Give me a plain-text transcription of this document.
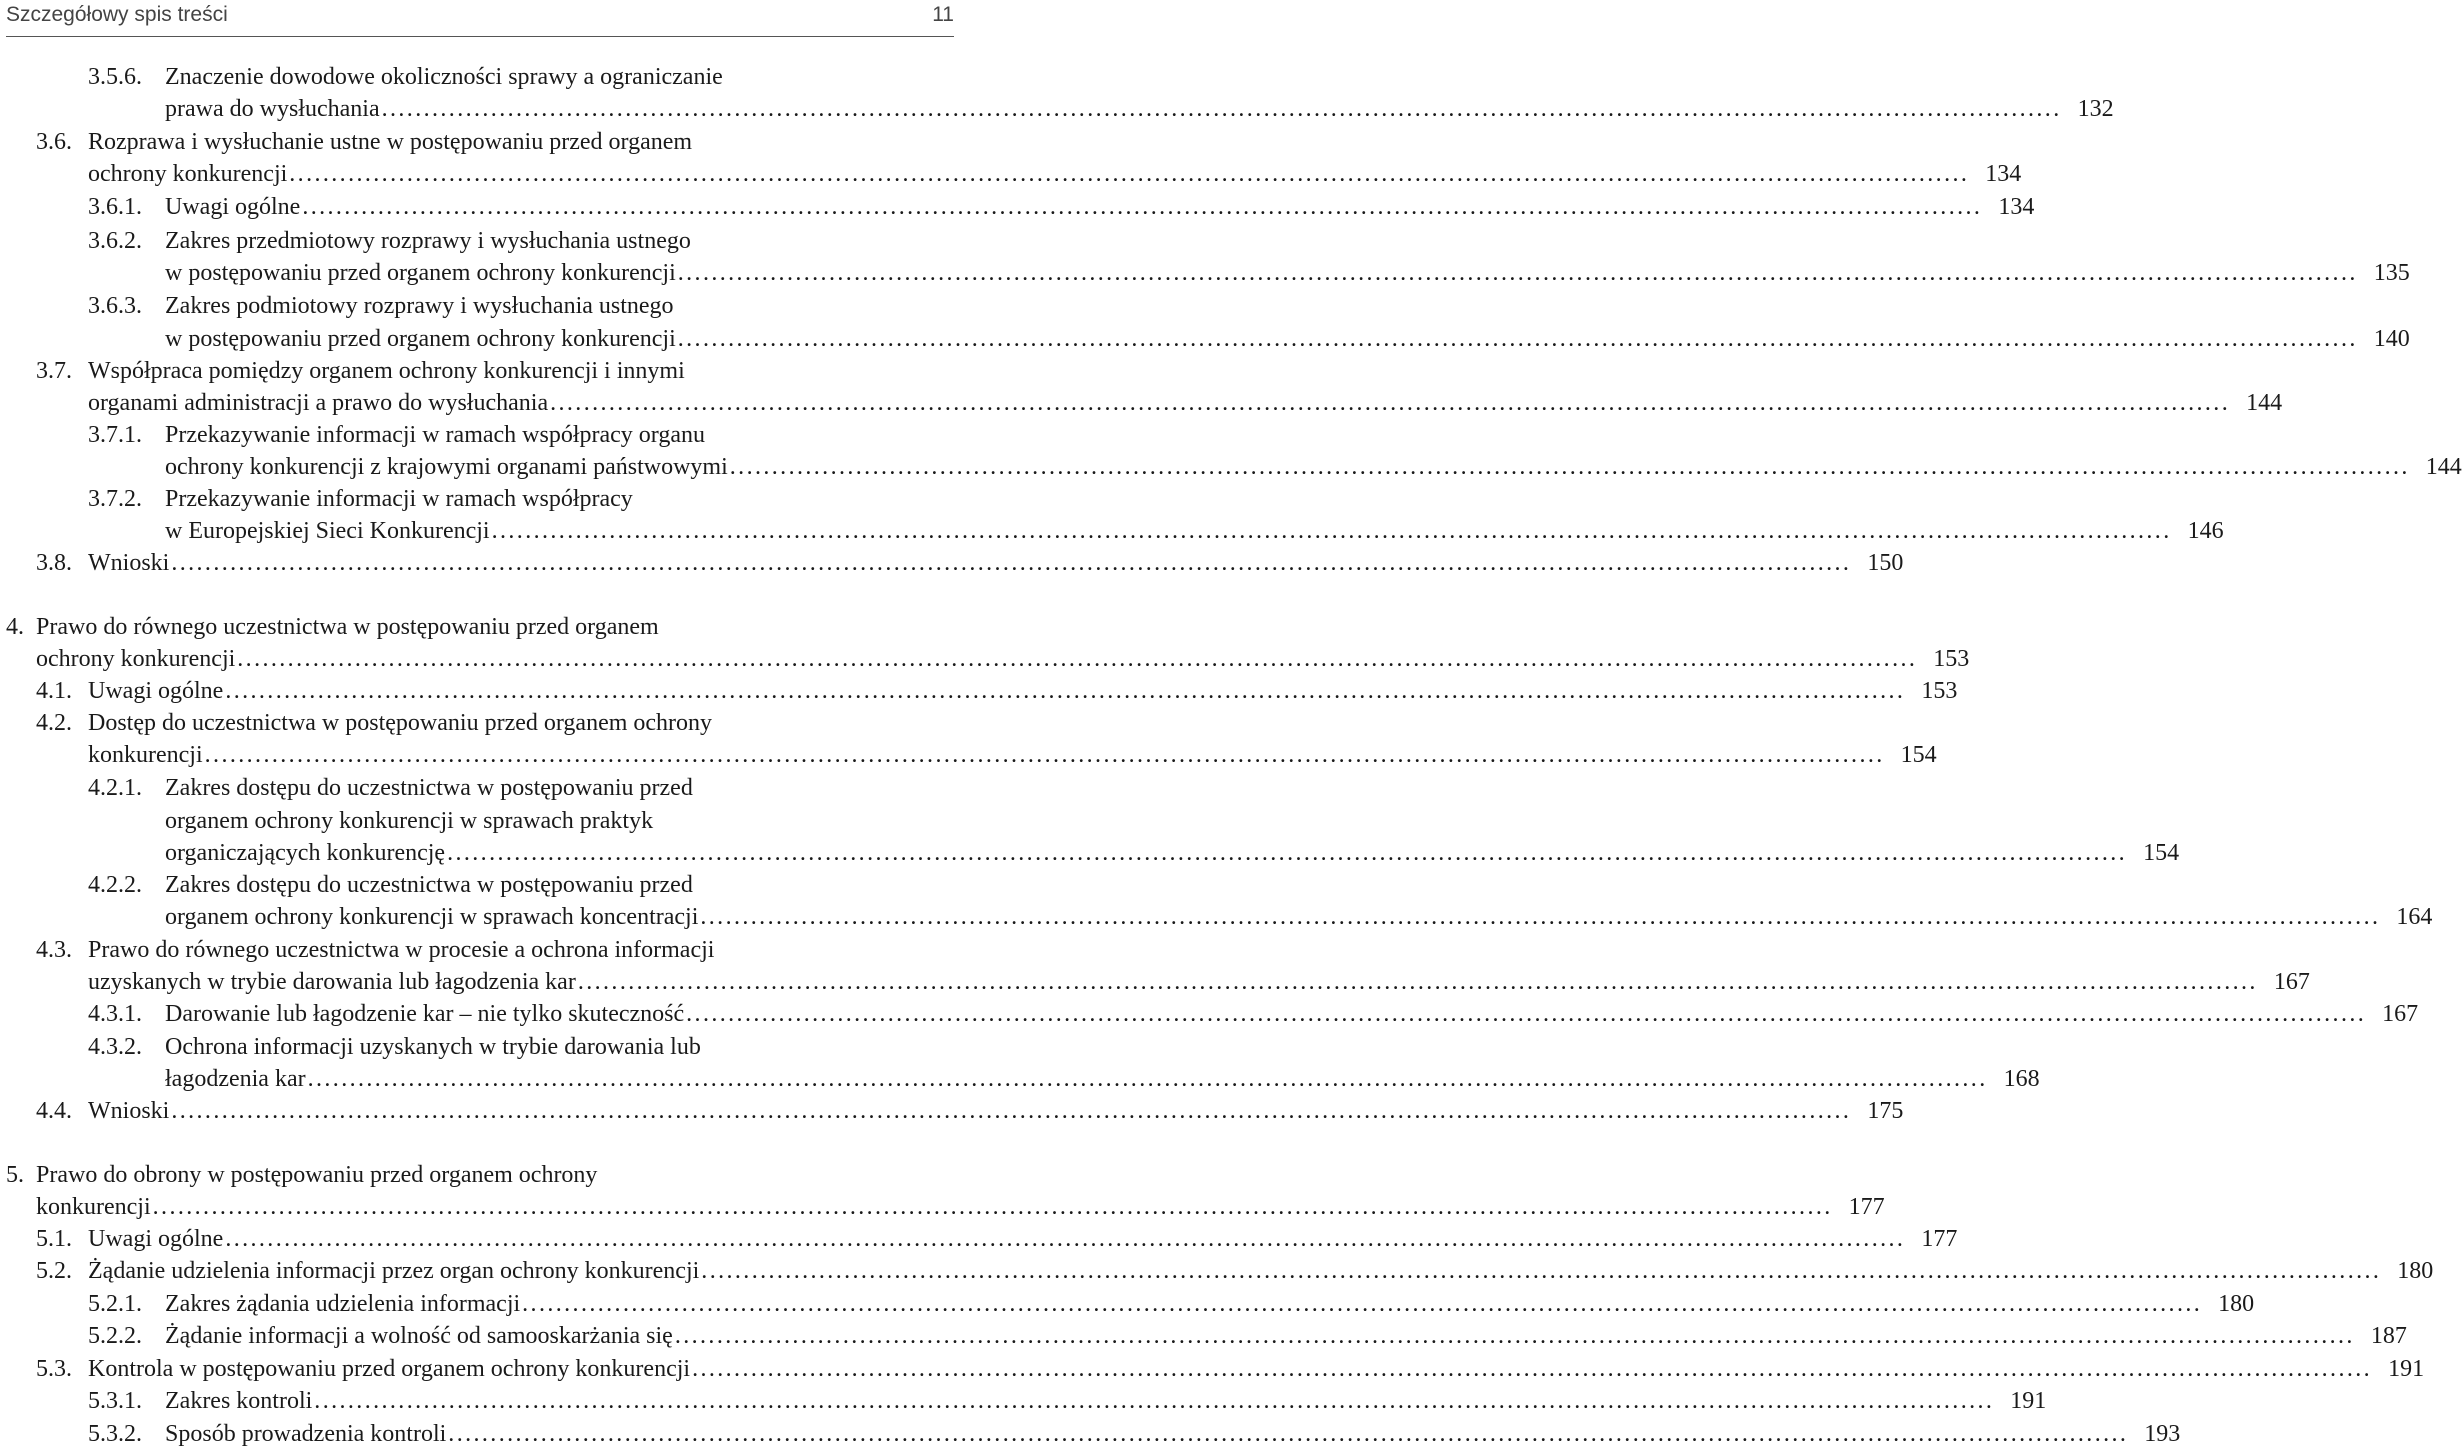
Szczegółowy spis treści	11
3.5.6. Znaczenie dowodowe okoliczności sprawy a ograniczanie
prawa do wysłuchania ........................................................................................................................................................................................................ 132
3.6. Rozprawa i wysłuchanie ustne w postępowaniu przed organem
ochrony konkurencji ........................................................................................................................................................................................................ 134
3.6.1. Uwagi ogólne ........................................................................................................................................................................................................ 134
3.6.2. Zakres przedmiotowy rozprawy i wysłuchania ustnego
w postępowaniu przed organem ochrony konkurencji ........................................................................................................................................................................................................ 135
3.6.3. Zakres podmiotowy rozprawy i wysłuchania ustnego
w postępowaniu przed organem ochrony konkurencji ........................................................................................................................................................................................................ 140
3.7. Współpraca pomiędzy organem ochrony konkurencji i innymi
organami administracji a prawo do wysłuchania ........................................................................................................................................................................................................ 144
3.7.1. Przekazywanie informacji w ramach współpracy organu
ochrony konkurencji z krajowymi organami państwowymi ........................................................................................................................................................................................................ 144
3.7.2. Przekazywanie informacji w ramach współpracy
w Europejskiej Sieci Konkurencji ........................................................................................................................................................................................................ 146
3.8. Wnioski ........................................................................................................................................................................................................ 150
4. Prawo do równego uczestnictwa w postępowaniu przed organem
ochrony konkurencji ........................................................................................................................................................................................................ 153
4.1. Uwagi ogólne ........................................................................................................................................................................................................ 153
4.2. Dostęp do uczestnictwa w postępowaniu przed organem ochrony
konkurencji ........................................................................................................................................................................................................ 154
4.2.1. Zakres dostępu do uczestnictwa w postępowaniu przed
organem ochrony konkurencji w sprawach praktyk
organiczających konkurencję ........................................................................................................................................................................................................ 154
4.2.2. Zakres dostępu do uczestnictwa w postępowaniu przed
organem ochrony konkurencji w sprawach koncentracji ........................................................................................................................................................................................................ 164
4.3. Prawo do równego uczestnictwa w procesie a ochrona informacji
uzyskanych w trybie darowania lub łagodzenia kar ........................................................................................................................................................................................................ 167
4.3.1. Darowanie lub łagodzenie kar – nie tylko skuteczność ........................................................................................................................................................................................................ 167
4.3.2. Ochrona informacji uzyskanych w trybie darowania lub
łagodzenia kar ........................................................................................................................................................................................................ 168
4.4. Wnioski ........................................................................................................................................................................................................ 175
5. Prawo do obrony w postępowaniu przed organem ochrony
konkurencji ........................................................................................................................................................................................................ 177
5.1. Uwagi ogólne ........................................................................................................................................................................................................ 177
5.2. Żądanie udzielenia informacji przez organ ochrony konkurencji ........................................................................................................................................................................................................ 180
5.2.1. Zakres żądania udzielenia informacji ........................................................................................................................................................................................................ 180
5.2.2. Żądanie informacji a wolność od samooskarżania się ........................................................................................................................................................................................................ 187
5.3. Kontrola w postępowaniu przed organem ochrony konkurencji ........................................................................................................................................................................................................ 191
5.3.1. Zakres kontroli ........................................................................................................................................................................................................ 191
5.3.2. Sposób prowadzenia kontroli ........................................................................................................................................................................................................ 193
